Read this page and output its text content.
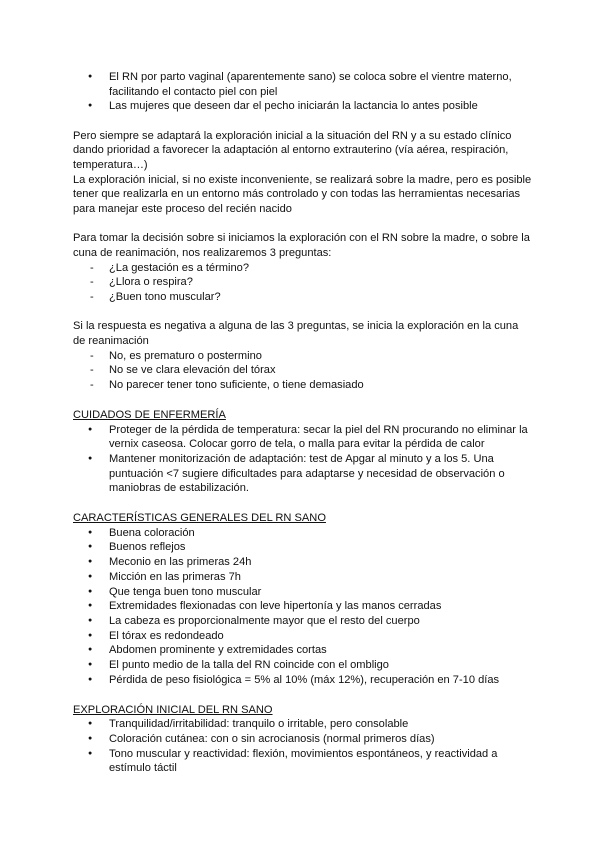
● El RN por parto vaginal (aparentemente sano) se coloca sobre el vientre materno, facilitando el contacto piel con piel
● Las mujeres que deseen dar el pecho iniciarán la lactancia lo antes posible

Pero siempre se adaptará la exploración inicial a la situación del RN y a su estado clínico dando prioridad a favorecer la adaptación al entorno extrauterino (vía aérea, respiración, temperatura…)

La exploración inicial, si no existe inconveniente, se realizará sobre la madre, pero es posible tener que realizarla en un entorno más controlado y con todas las herramientas necesarias para manejar este proceso del recién nacido

Para tomar la decisión sobre si iniciamos la exploración con el RN sobre la madre, o sobre la cuna de reanimación, nos realizaremos 3 preguntas:

- ¿La gestación es a término?
- ¿Llora o respira?
- ¿Buen tono muscular?

Si la respuesta es negativa a alguna de las 3 preguntas, se inicia la exploración en la cuna de reanimación

- No, es prematuro o postermino
- No se ve clara elevación del tórax
- No parecer tener tono suficiente, o tiene demasiado

CUIDADOS DE ENFERMERÍA

● Proteger de la pérdida de temperatura: secar la piel del RN procurando no eliminar la vernix caseosa. Colocar gorro de tela, o malla para evitar la pérdida de calor
● Mantener monitorización de adaptación: test de Apgar al minuto y a los 5. Una puntuación <7 sugiere dificultades para adaptarse y necesidad de observación o maniobras de estabilización.

CARACTERÍSTICAS GENERALES DEL RN SANO

● Buena coloración
● Buenos reflejos
● Meconio en las primeras 24h
● Micción en las primeras 7h
● Que tenga buen tono muscular
● Extremidades flexionadas con leve hipertonía y las manos cerradas
● La cabeza es proporcionalmente mayor que el resto del cuerpo
● El tórax es redondeado
● Abdomen prominente y extremidades cortas
● El punto medio de la talla del RN coincide con el ombligo
● Pérdida de peso fisiológica = 5% al 10% (máx 12%), recuperación en 7-10 días

EXPLORACIÓN INICIAL DEL RN SANO

● Tranquilidad/irritabilidad: tranquilo o irritable, pero consolable
● Coloración cutánea: con o sin acrocianosis (normal primeros días)
● Tono muscular y reactividad: flexión, movimientos espontáneos, y reactividad a estímulo táctil
